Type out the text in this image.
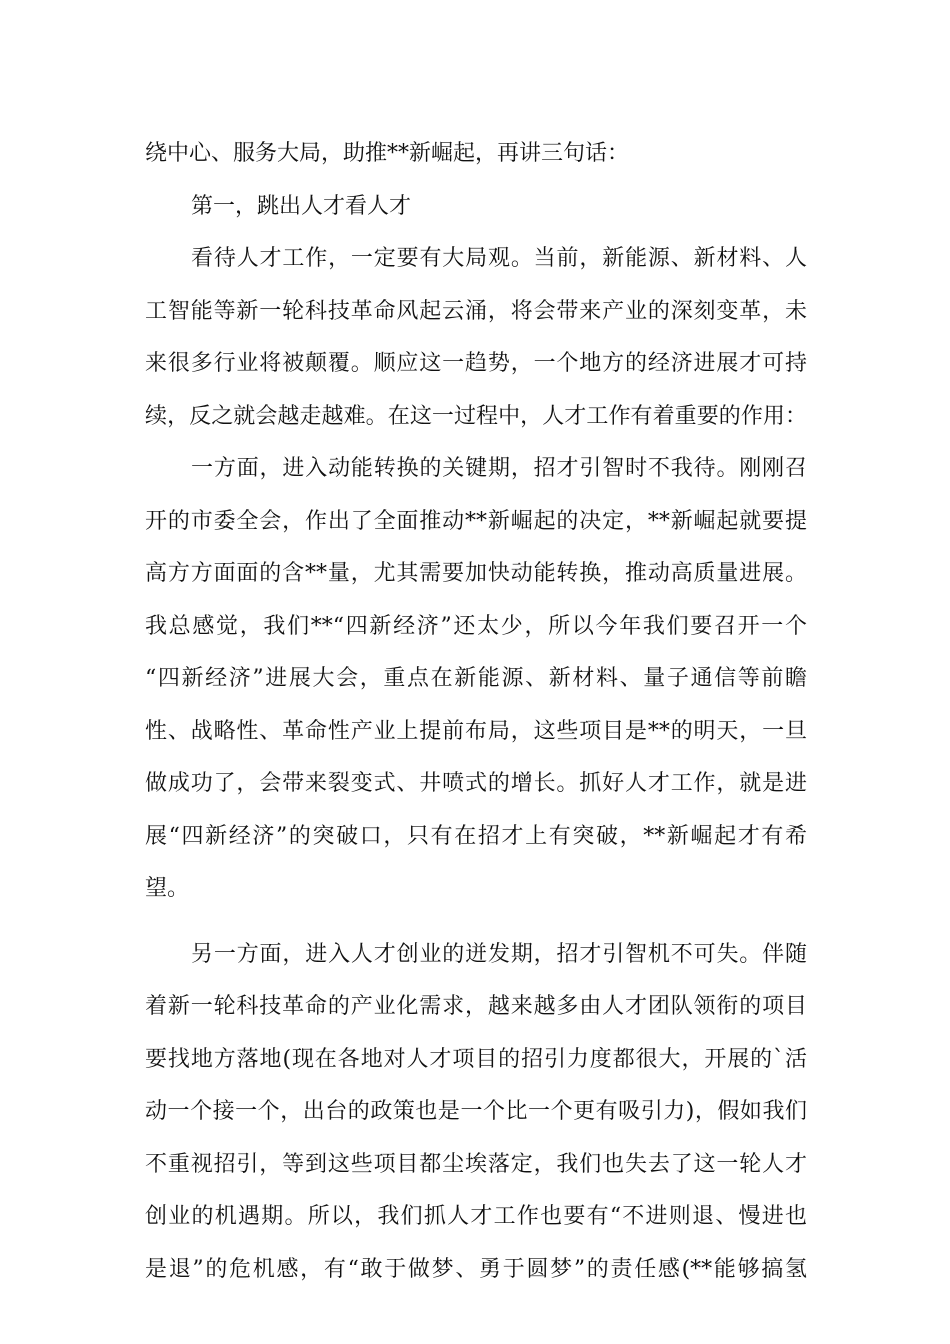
绕中心、服务大局，助推**新崛起，再讲三句话：
第一，跳出人才看人才
看待人才工作，一定要有大局观。当前，新能源、新材料、人
工智能等新一轮科技革命风起云涌，将会带来产业的深刻变革，未
来很多行业将被颠覆。顺应这一趋势，一个地方的经济进展才可持
续，反之就会越走越难。在这一过程中，人才工作有着重要的作用：
一方面，进入动能转换的关键期，招才引智时不我待。刚刚召
开的市委全会，作出了全面推动**新崛起的决定，**新崛起就要提
高方方面面的含**量，尤其需要加快动能转换，推动高质量进展。
我总感觉，我们**“四新经济”还太少，所以今年我们要召开一个
“四新经济”进展大会，重点在新能源、新材料、量子通信等前瞻
性、战略性、革命性产业上提前布局，这些项目是**的明天，一旦
做成功了，会带来裂变式、井喷式的增长。抓好人才工作，就是进
展“四新经济”的突破口，只有在招才上有突破，**新崛起才有希
望。
另一方面，进入人才创业的迸发期，招才引智机不可失。伴随
着新一轮科技革命的产业化需求，越来越多由人才团队领衔的项目
要找地方落地(现在各地对人才项目的招引力度都很大，开展的`活
动一个接一个，出台的政策也是一个比一个更有吸引力)，假如我们
不重视招引，等到这些项目都尘埃落定，我们也失去了这一轮人才
创业的机遇期。所以，我们抓人才工作也要有“不进则退、慢进也
是退”的危机感，有“敢于做梦、勇于圆梦”的责任感(**能够搞氢
